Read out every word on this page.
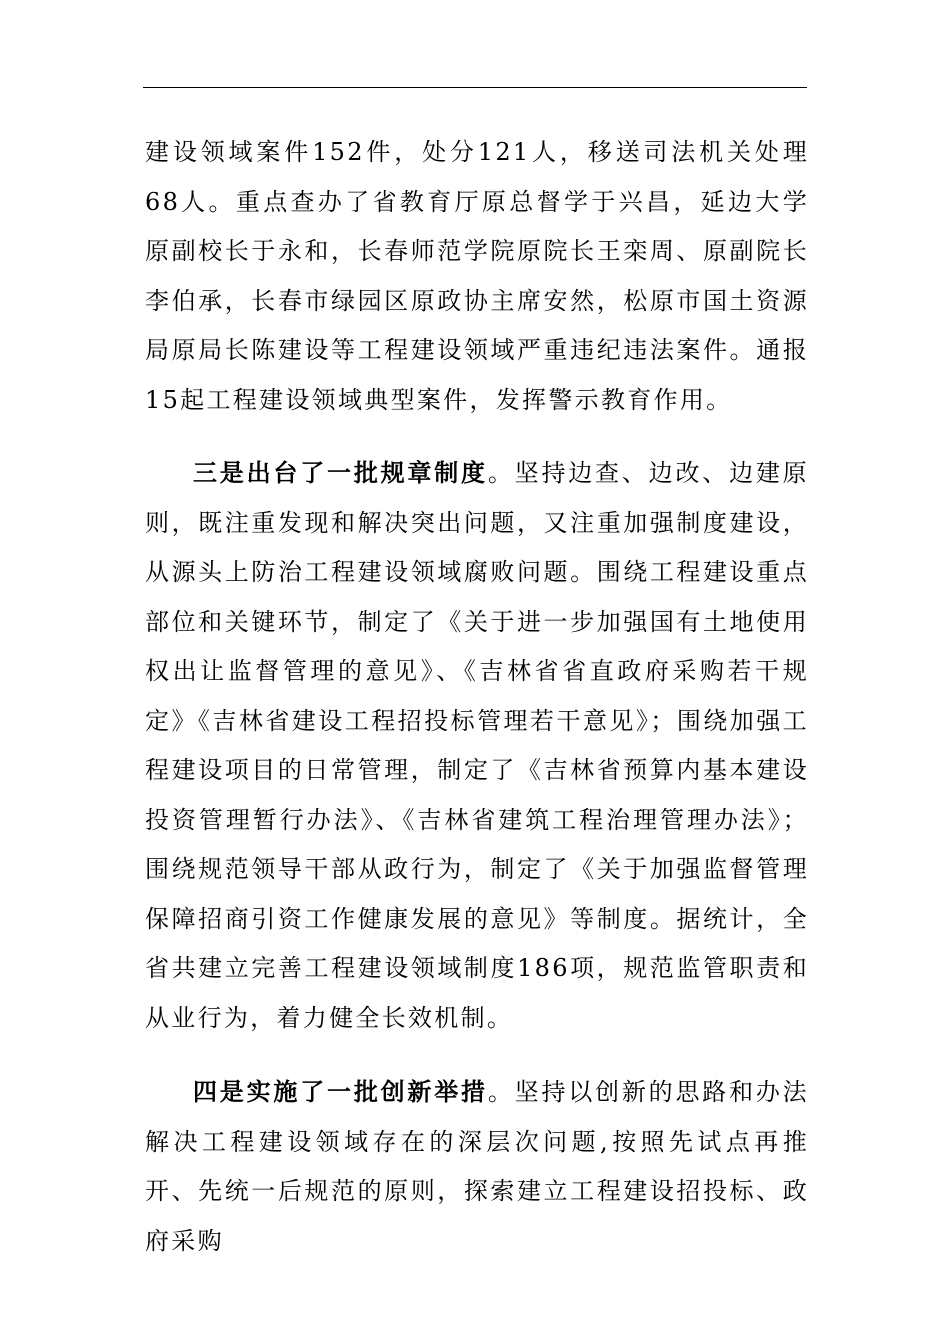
建设领域案件152件，处分121人，移送司法机关处理68人。重点查办了省教育厅原总督学于兴昌，延边大学原副校长于永和，长春师范学院原院长王栾周、原副院长李伯承，长春市绿园区原政协主席安然，松原市国土资源局原局长陈建设等工程建设领域严重违纪违法案件。通报15起工程建设领域典型案件，发挥警示教育作用。

三是出台了一批规章制度。坚持边查、边改、边建原则，既注重发现和解决突出问题，又注重加强制度建设，从源头上防治工程建设领域腐败问题。围绕工程建设重点部位和关键环节，制定了《关于进一步加强国有土地使用权出让监督管理的意见》、《吉林省省直政府采购若干规定》《吉林省建设工程招投标管理若干意见》；围绕加强工程建设项目的日常管理，制定了《吉林省预算内基本建设投资管理暂行办法》、《吉林省建筑工程治理管理办法》；围绕规范领导干部从政行为，制定了《关于加强监督管理保障招商引资工作健康发展的意见》等制度。据统计，全省共建立完善工程建设领域制度186项，规范监管职责和从业行为，着力健全长效机制。

四是实施了一批创新举措。坚持以创新的思路和办法解决工程建设领域存在的深层次问题,按照先试点再推开、先统一后规范的原则，探索建立工程建设招投标、政府采购
